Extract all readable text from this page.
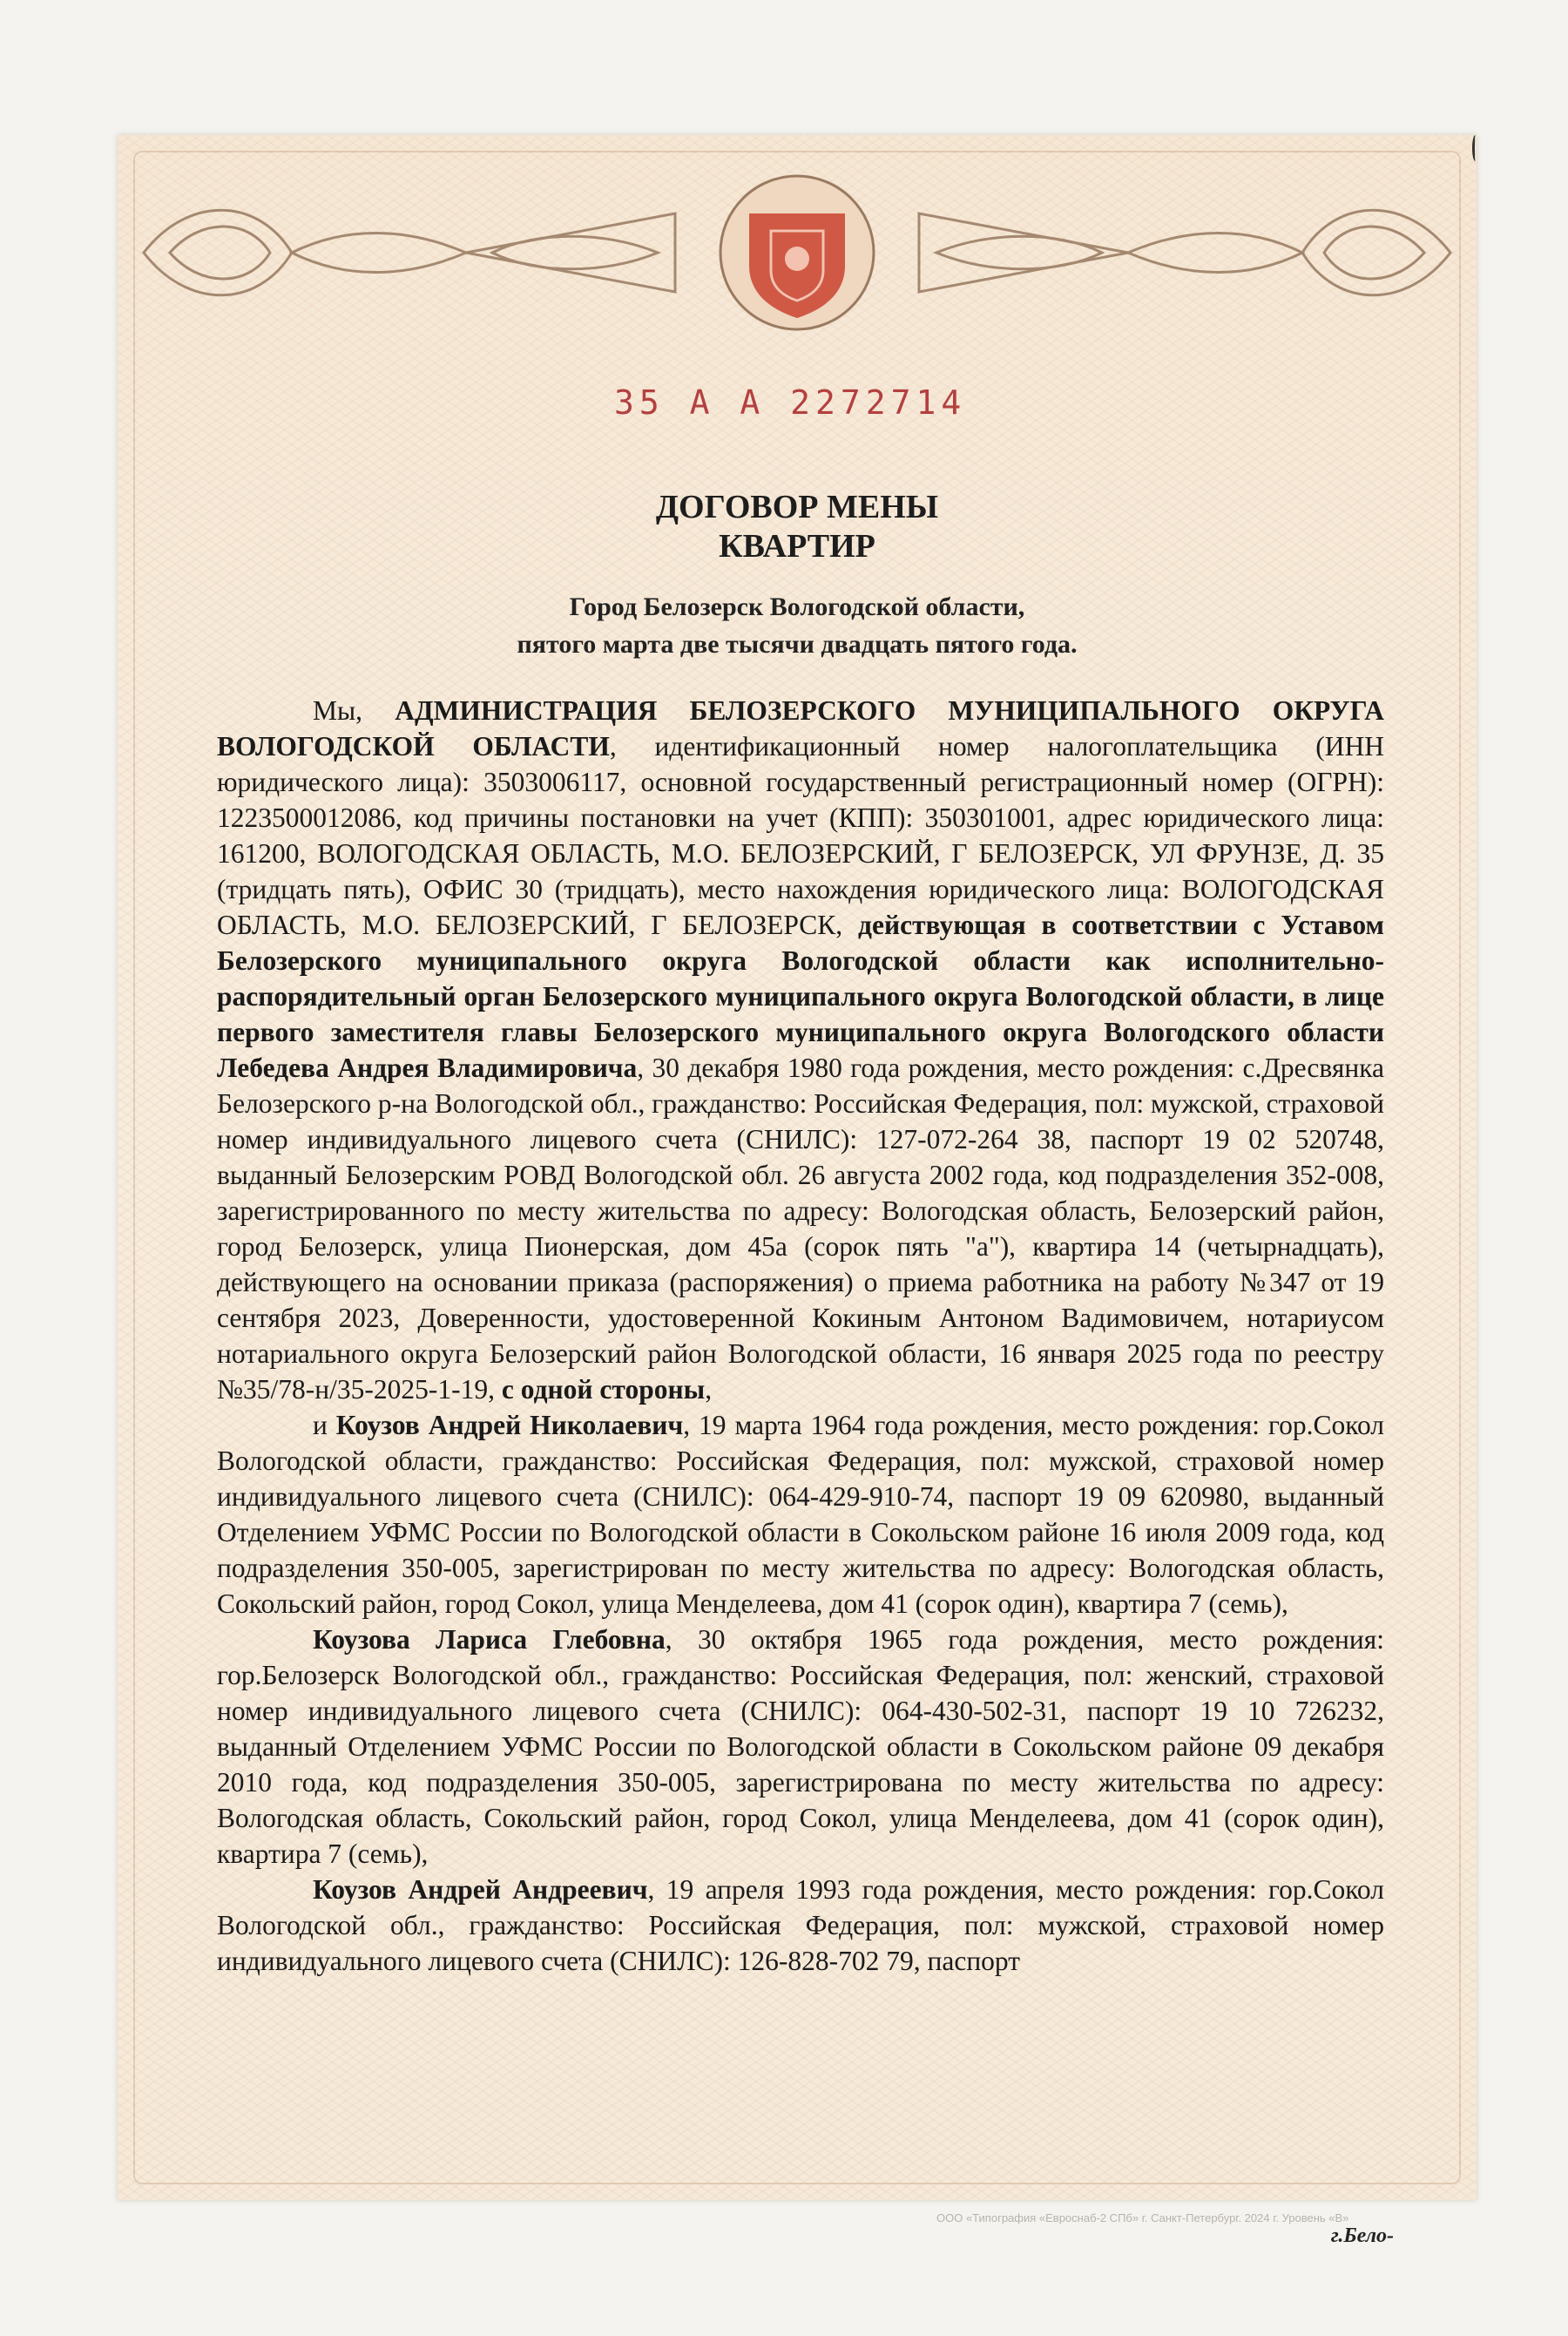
35 А А 2272714
ДОГОВОР МЕНЫ
КВАРТИР
Город Белозерск Вологодской области,
пятого марта две тысячи двадцать пятого года.

Мы, АДМИНИСТРАЦИЯ БЕЛОЗЕРСКОГО МУНИЦИПАЛЬНОГО ОКРУГА ВОЛОГОДСКОЙ ОБЛАСТИ, идентификационный номер налогоплательщика (ИНН юридического лица): 3503006117, основной государственный регистрационный номер (ОГРН): 1223500012086, код причины постановки на учет (КПП): 350301001, адрес юридического лица: 161200, ВОЛОГОДСКАЯ ОБЛАСТЬ, М.О. БЕЛОЗЕРСКИЙ, Г БЕЛОЗЕРСК, УЛ ФРУНЗЕ, Д. 35 (тридцать пять), ОФИС 30 (тридцать), место нахождения юридического лица: ВОЛОГОДСКАЯ ОБЛАСТЬ, М.О. БЕЛОЗЕРСКИЙ, Г БЕЛОЗЕРСК, действующая в соответствии с Уставом Белозерского муниципального округа Вологодской области как исполнительно-распорядительный орган Белозерского муниципального округа Вологодской области, в лице первого заместителя главы Белозерского муниципального округа Вологодского области Лебедева Андрея Владимировича, 30 декабря 1980 года рождения, место рождения: с.Дресвянка Белозерского р-на Вологодской обл., гражданство: Российская Федерация, пол: мужской, страховой номер индивидуального лицевого счета (СНИЛС): 127-072-264 38, паспорт 19 02 520748, выданный Белозерским РОВД Вологодской обл. 26 августа 2002 года, код подразделения 352-008, зарегистрированного по месту жительства по адресу: Вологодская область, Белозерский район, город Белозерск, улица Пионерская, дом 45а (сорок пять "а"), квартира 14 (четырнадцать), действующего на основании приказа (распоряжения) о приема работника на работу №347 от 19 сентября 2023, Доверенности, удостоверенной Кокиным Антоном Вадимовичем, нотариусом нотариального округа Белозерский район Вологодской области, 16 января 2025 года по реестру №35/78-н/35-2025-1-19, с одной стороны,

и Коузов Андрей Николаевич, 19 марта 1964 года рождения, место рождения: гор.Сокол Вологодской области, гражданство: Российская Федерация, пол: мужской, страховой номер индивидуального лицевого счета (СНИЛС): 064-429-910-74, паспорт 19 09 620980, выданный Отделением УФМС России по Вологодской области в Сокольском районе 16 июля 2009 года, код подразделения 350-005, зарегистрирован по месту жительства по адресу: Вологодская область, Сокольский район, город Сокол, улица Менделеева, дом 41 (сорок один), квартира 7 (семь),

Коузова Лариса Глебовна, 30 октября 1965 года рождения, место рождения: гор.Белозерск Вологодской обл., гражданство: Российская Федерация, пол: женский, страховой номер индивидуального лицевого счета (СНИЛС): 064-430-502-31, паспорт 19 10 726232, выданный Отделением УФМС России по Вологодской области в Сокольском районе 09 декабря 2010 года, код подразделения 350-005, зарегистрирована по месту жительства по адресу: Вологодская область, Сокольский район, город Сокол, улица Менделеева, дом 41 (сорок один), квартира 7 (семь),

Коузов Андрей Андреевич, 19 апреля 1993 года рождения, место рождения: гор.Сокол Вологодской обл., гражданство: Российская Федерация, пол: мужской, страховой номер индивидуального лицевого счета (СНИЛС): 126-828-702 79, паспорт

г.Бело-
ООО «Типография «Евроснаб-2 СПб» г. Санкт-Петербург. 2024 г. Уровень «В»
